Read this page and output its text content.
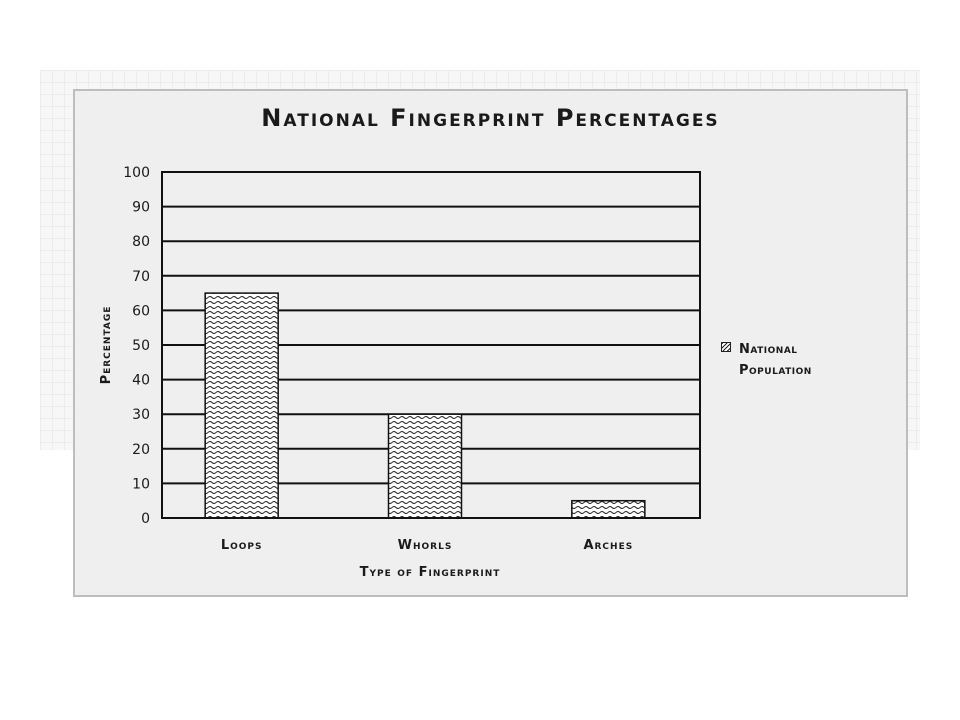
National Fingerprint Percentages
0
10
20
30
40
50
60
70
80
90
100
Loops	Whorls	Arches
Percentage	National Population
Type of Fingerprint
